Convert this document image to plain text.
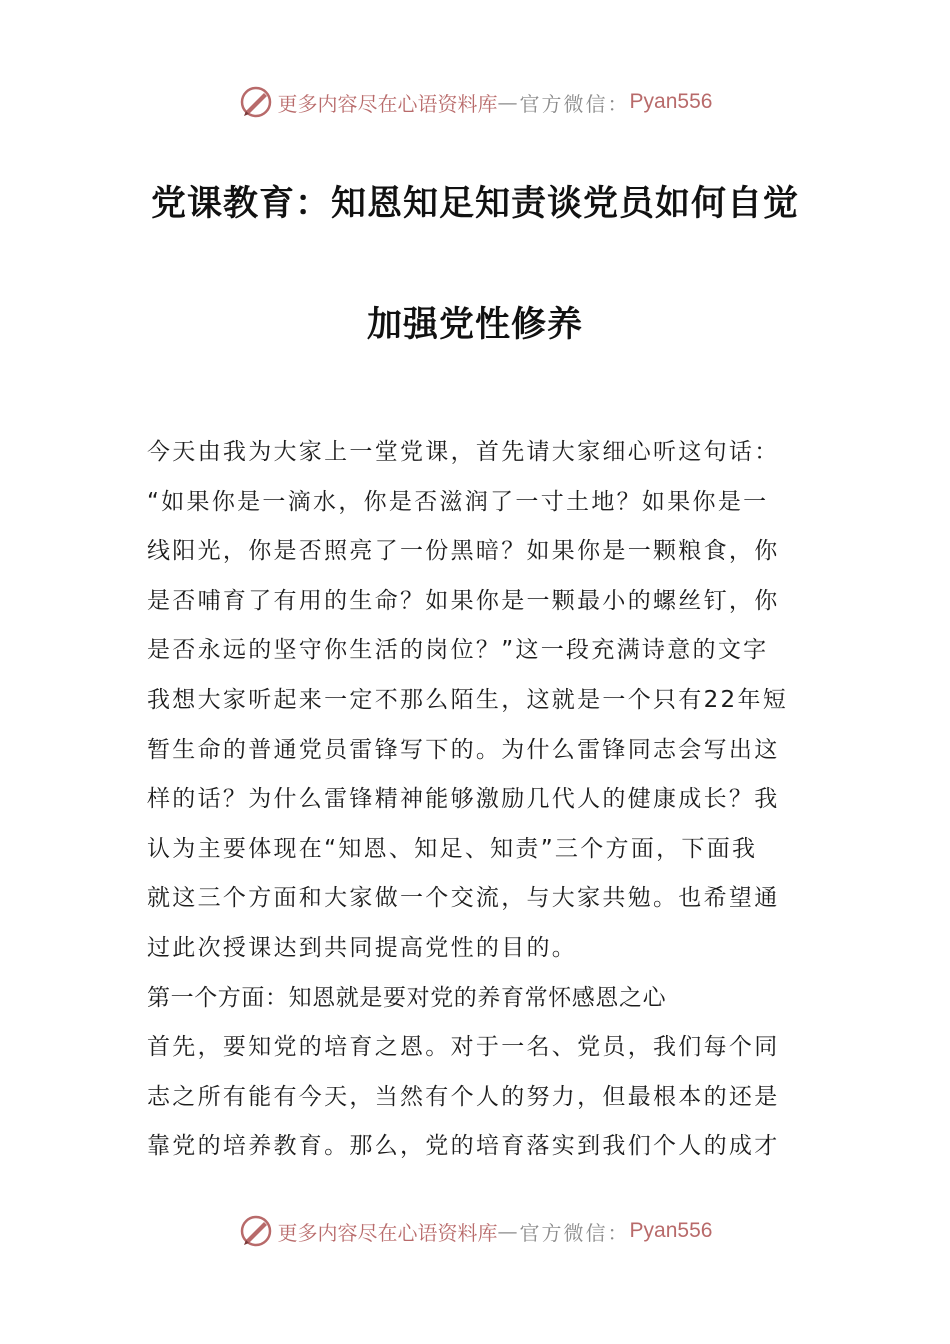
更多内容尽在心语资料库 — 官方微信： Pyan556
党课教育：知恩知足知责谈党员如何自觉
加强党性修养
今天由我为大家上一堂党课，首先请大家细心听这句话：
“如果你是一滴水，你是否滋润了一寸土地？如果你是一
线阳光，你是否照亮了一份黑暗？如果你是一颗粮食，你
是否哺育了有用的生命？如果你是一颗最小的螺丝钉，你
是否永远的坚守你生活的岗位？”这一段充满诗意的文字
我想大家听起来一定不那么陌生，这就是一个只有22年短
暂生命的普通党员雷锋写下的。为什么雷锋同志会写出这
样的话？为什么雷锋精神能够激励几代人的健康成长？我
认为主要体现在“知恩、知足、知责”三个方面，下面我
就这三个方面和大家做一个交流，与大家共勉。也希望通
过此次授课达到共同提高党性的目的。
第一个方面：知恩就是要对党的养育常怀感恩之心
首先，要知党的培育之恩。对于一名、党员，我们每个同
志之所有能有今天，当然有个人的努力，但最根本的还是
靠党的培养教育。那么，党的培育落实到我们个人的成才
更多内容尽在心语资料库 — 官方微信： Pyan556
